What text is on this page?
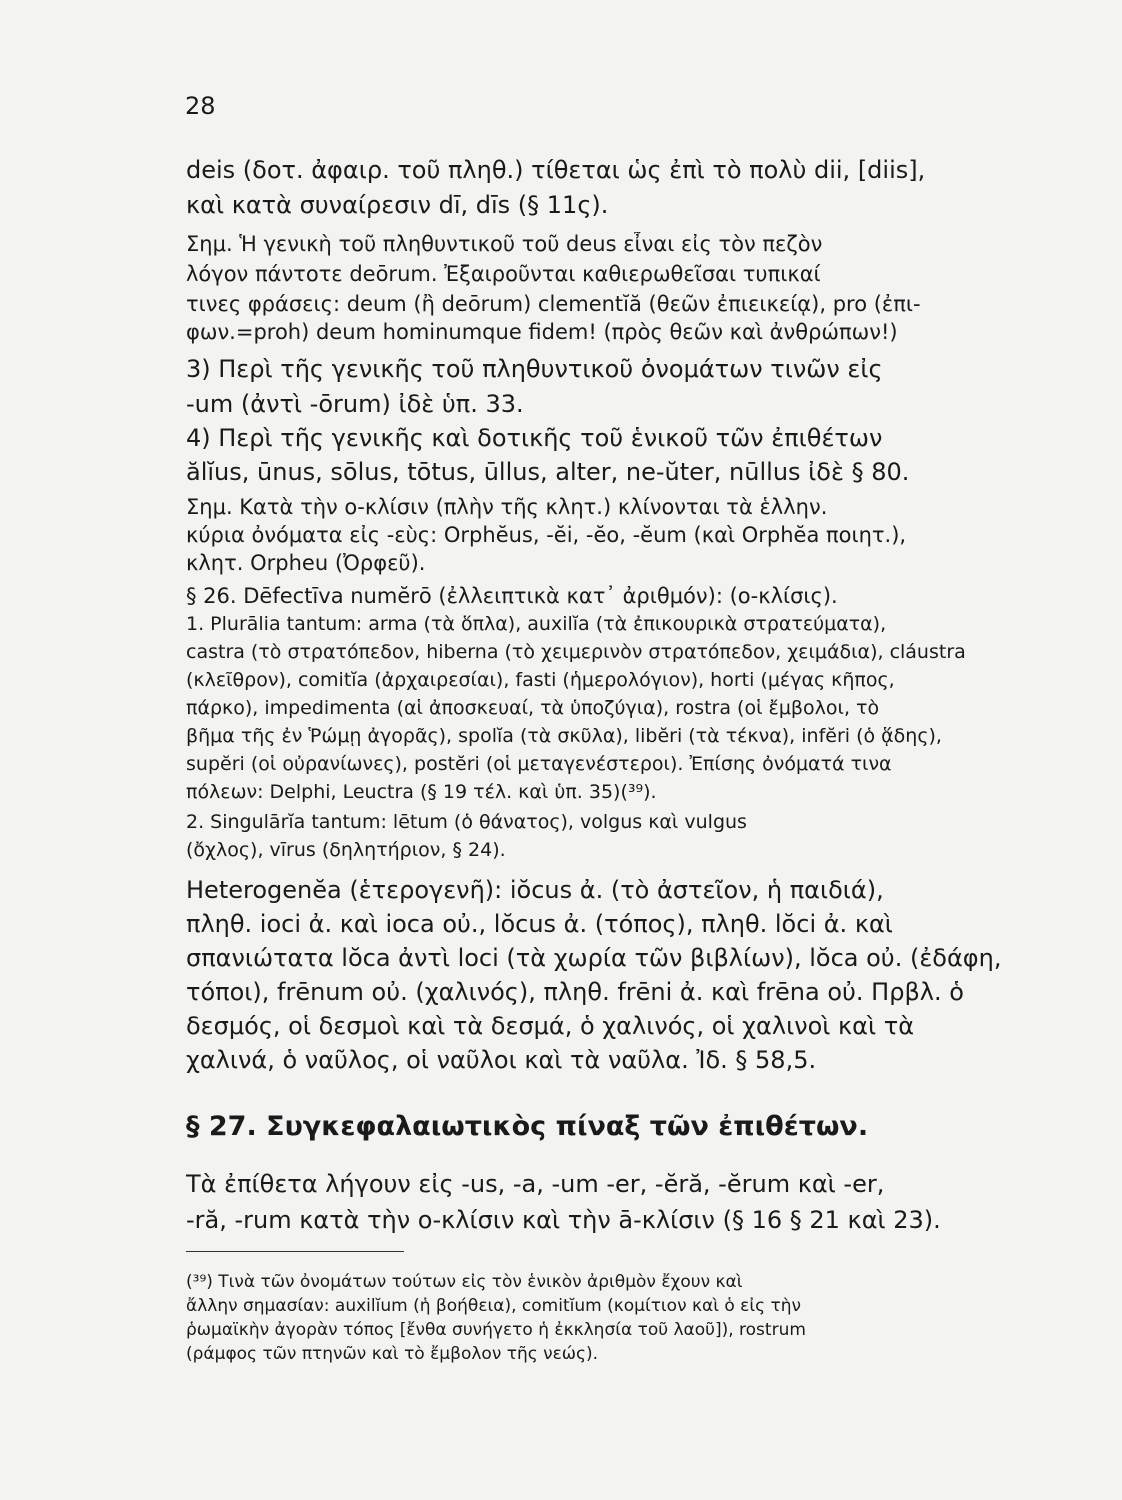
28
deis (δοτ. ἀφαιρ. τοῦ πληθ.) τίθεται ὡς ἐπὶ τὸ πολὺ dii, [diis],
καὶ κατὰ συναίρεσιν dī, dīs (§ 11ς).
Σημ. Ἡ γενικὴ τοῦ πληθυντικοῦ τοῦ deus εἶναι εἰς τὸν πεζὸν
λόγον πάντοτε deōrum. Ἐξαιροῦνται καθιερωθεῖσαι τυπικαί
τινες φράσεις: deum (ἢ deōrum) clementĭă (θεῶν ἐπιεικείᾳ), pro (ἐπι-
φων.=proh) deum hominumque fidem! (πρὸς θεῶν καὶ ἀνθρώπων!)
3) Περὶ τῆς γενικῆς τοῦ πληθυντικοῦ ὀνομάτων τινῶν εἰς
-um (ἀντὶ -ōrum) ἰδὲ ὑπ. 33.
4) Περὶ τῆς γενικῆς καὶ δοτικῆς τοῦ ἑνικοῦ τῶν ἐπιθέτων
ălĭus, ūnus, sōlus, tōtus, ūllus, alter, ne-ŭter, nūllus ἰδὲ § 80.
Σημ. Κατὰ τὴν ο-κλίσιν (πλὴν τῆς κλητ.) κλίνονται τὰ ἑλλην.
κύρια ὀνόματα εἰς -εὺς: Orphĕus, -ĕi, -ĕo, -ĕum (καὶ Orphĕa ποιητ.),
κλητ. Orpheu (Ὀρφεῦ).
§ 26. Dēfectīva numĕrō (ἐλλειπτικὰ κατ᾽ ἀριθμόν): (ο-κλίσις).
1. Plurālia tantum: arma (τὰ ὅπλα), auxilĭa (τὰ ἐπικουρικὰ στρατεύματα),
castra (τὸ στρατόπεδον, hiberna (τὸ χειμερινὸν στρατόπεδον, χειμάδια), cláustra
(κλεῖθρον), comitĭa (ἀρχαιρεσίαι), fasti (ἡμερολόγιον), horti (μέγας κῆπος,
πάρκο), impedimenta (αἱ ἀποσκευαί, τὰ ὑποζύγια), rostra (οἱ ἔμβολοι, τὸ
βῆμα τῆς ἐν Ῥώμῃ ἀγορᾶς), spolĭa (τὰ σκῦλα), libĕri (τὰ τέκνα), infĕri (ὁ ᾅδης),
supĕri (οἱ οὐρανίωνες), postĕri (οἱ μεταγενέστεροι). Ἐπίσης ὀνόματά τινα
πόλεων: Delphi, Leuctra (§ 19 τέλ. καὶ ὑπ. 35)(³⁹).
2. Singulārĭa tantum: lētum (ὁ θάνατος), volgus καὶ vulgus
(ὄχλος), vīrus (δηλητήριον, § 24).
Heterogenĕa (ἑτερογενῆ): iŏcus ἀ. (τὸ ἀστεῖον, ἡ παιδιά),
πληθ. ioci ἀ. καὶ ioca οὐ., lŏcus ἀ. (τόπος), πληθ. lŏci ἀ. καὶ
σπανιώτατα lŏca ἀντὶ loci (τὰ χωρία τῶν βιβλίων), lŏca οὐ. (ἐδάφη,
τόποι), frēnum οὐ. (χαλινός), πληθ. frēni ἀ. καὶ frēna οὐ. Πρβλ. ὁ
δεσμός, οἱ δεσμοὶ καὶ τὰ δεσμά, ὁ χαλινός, οἱ χαλινοὶ καὶ τὰ
χαλινά, ὁ ναῦλος, οἱ ναῦλοι καὶ τὰ ναῦλα. Ἰδ. § 58,5.
§ 27. Συγκεφαλαιωτικὸς πίναξ τῶν ἐπιθέτων.
Τὰ ἐπίθετα λήγουν εἰς -us, -a, -um -er, -ĕră, -ĕrum καὶ -er,
-ră, -rum κατὰ τὴν ο-κλίσιν καὶ τὴν ā-κλίσιν (§ 16 § 21 καὶ 23).
(³⁹) Τινὰ τῶν ὀνομάτων τούτων εἰς τὸν ἑνικὸν ἀριθμὸν ἔχουν καὶ
ἄλλην σημασίαν: auxilĭum (ἡ βοήθεια), comitĭum (κομίτιον καὶ ὁ εἰς τὴν
ῥωμαϊκὴν ἀγορὰν τόπος [ἔνθα συνήγετο ἡ ἐκκλησία τοῦ λαοῦ]), rostrum
(ράμφος τῶν πτηνῶν καὶ τὸ ἔμβολον τῆς νεώς).
